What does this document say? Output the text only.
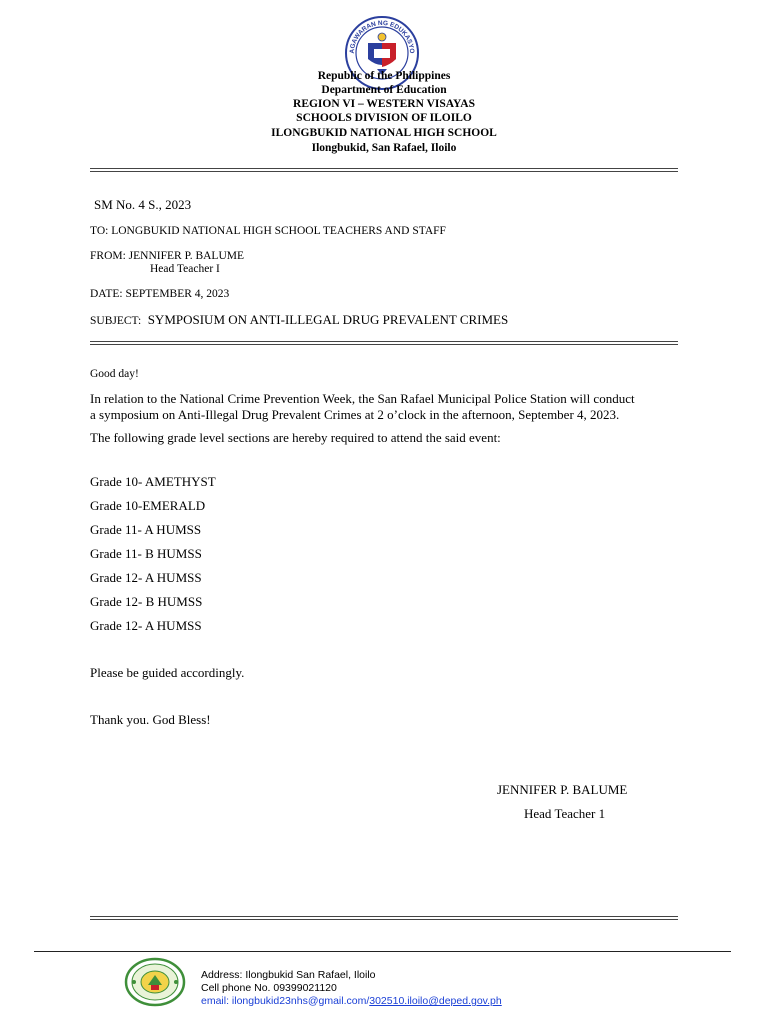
AGAWARAN NG EDUKASYO
Republic of the Philippines
Department of Education
REGION VI – WESTERN VISAYAS
SCHOOLS DIVISION OF ILOILO
ILONGBUKID NATIONAL HIGH SCHOOL
Ilongbukid, San Rafael, Iloilo
SM No. 4 S., 2023
TO: LONGBUKID NATIONAL HIGH SCHOOL TEACHERS AND STAFF
FROM: JENNIFER P. BALUME
Head Teacher I
DATE: SEPTEMBER 4, 2023
SUBJECT: SYMPOSIUM ON ANTI-ILLEGAL DRUG PREVALENT CRIMES
Good day!
In relation to the National Crime Prevention Week, the San Rafael Municipal Police Station will conduct
a symposium on Anti-Illegal Drug Prevalent Crimes at 2 o’clock in the afternoon, September 4, 2023.
The following grade level sections are hereby required to attend the said event:
Grade 10- AMETHYST
Grade 10-EMERALD
Grade 11- A HUMSS
Grade 11- B HUMSS
Grade 12- A HUMSS
Grade 12- B HUMSS
Grade 12- A HUMSS
Please be guided accordingly.
Thank you. God Bless!
JENNIFER P. BALUME
Head Teacher 1
Address: Ilongbukid San Rafael, Iloilo
Cell phone No. 09399021120
email: ilongbukid23nhs@gmail.com/302510.iloilo@deped.gov.ph
